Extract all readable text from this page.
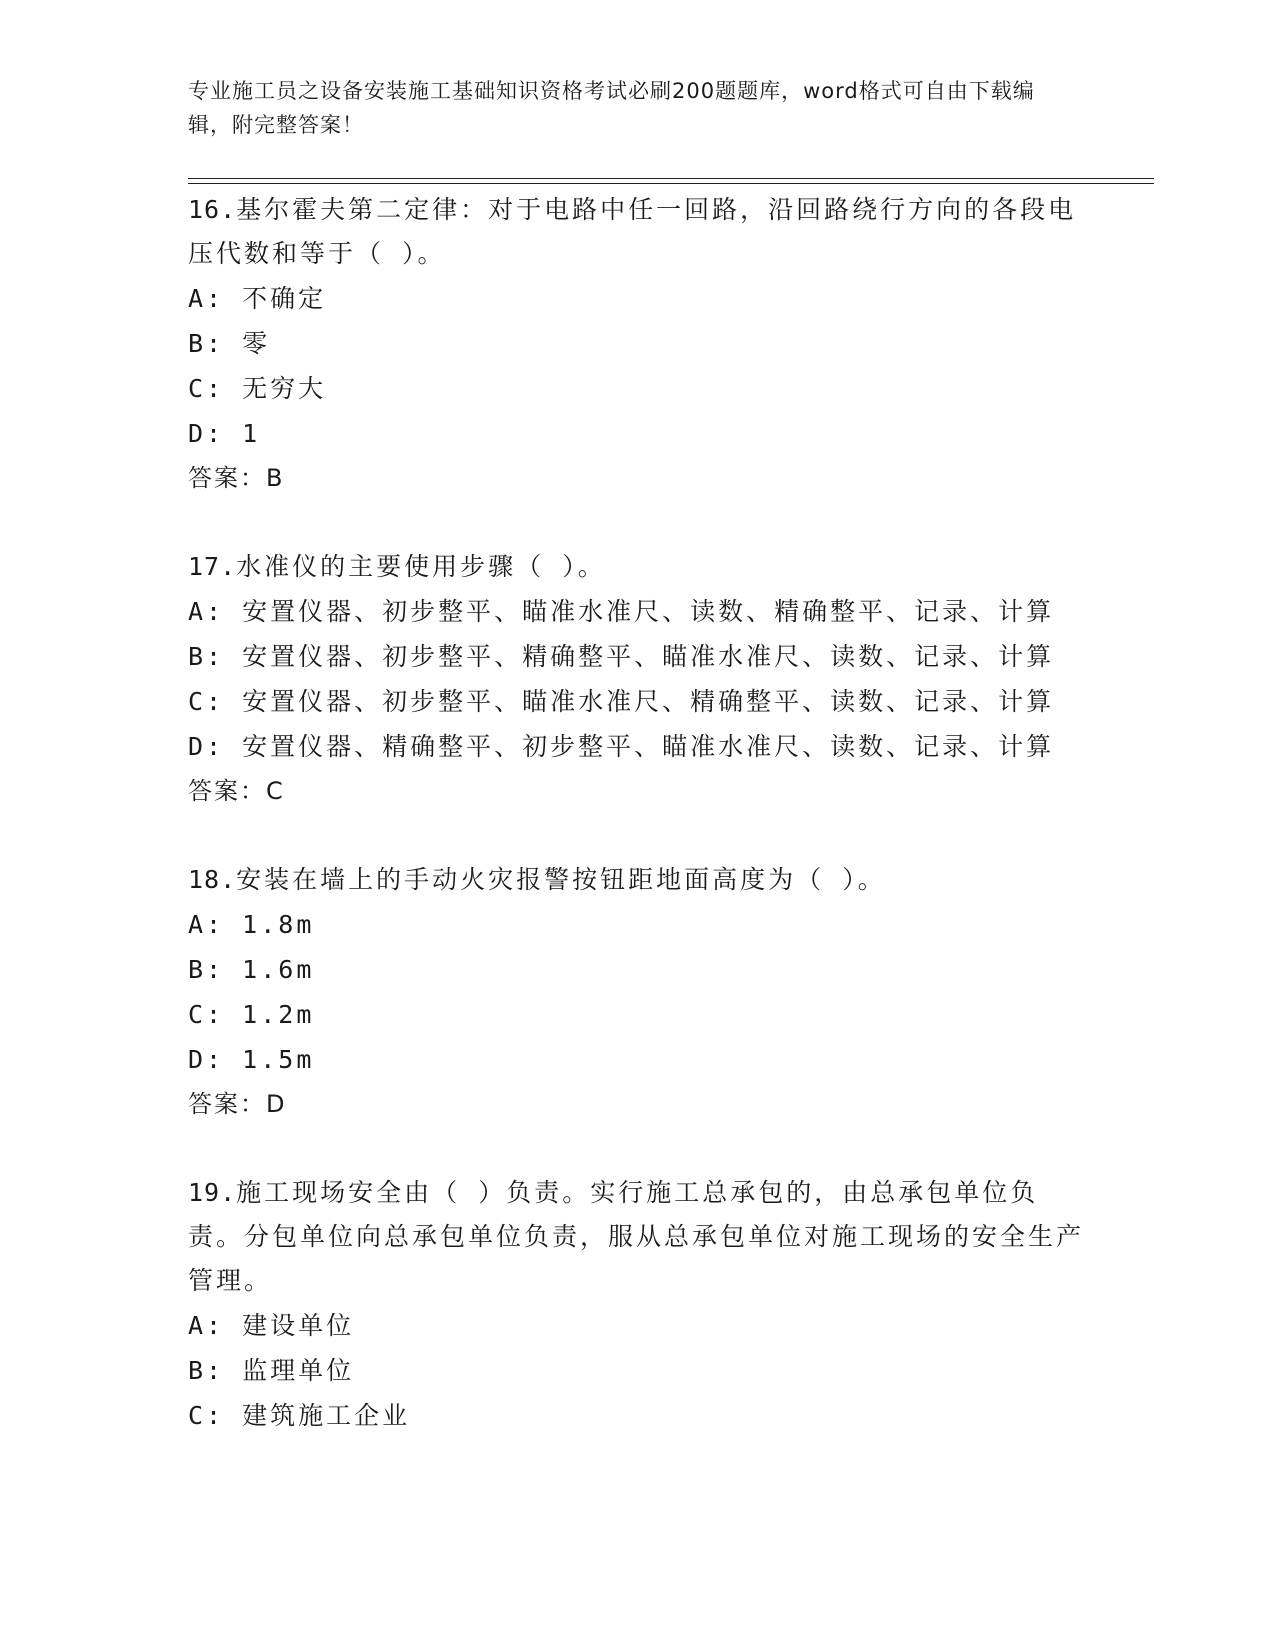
专业施工员之设备安装施工基础知识资格考试必刷200题题库，word格式可自由下载编辑，附完整答案！
16.基尔霍夫第二定律：对于电路中任一回路，沿回路绕行方向的各段电压代数和等于（ ）。
A: 不确定
B: 零
C: 无穷大
D: 1
答案：B
17.水准仪的主要使用步骤（ ）。
A: 安置仪器、初步整平、瞄准水准尺、读数、精确整平、记录、计算
B: 安置仪器、初步整平、精确整平、瞄准水准尺、读数、记录、计算
C: 安置仪器、初步整平、瞄准水准尺、精确整平、读数、记录、计算
D: 安置仪器、精确整平、初步整平、瞄准水准尺、读数、记录、计算
答案：C
18.安装在墙上的手动火灾报警按钮距地面高度为（ ）。
A: 1.8m
B: 1.6m
C: 1.2m
D: 1.5m
答案：D
19.施工现场安全由（ ）负责。实行施工总承包的，由总承包单位负责。分包单位向总承包单位负责，服从总承包单位对施工现场的安全生产管理。
A: 建设单位
B: 监理单位
C: 建筑施工企业
